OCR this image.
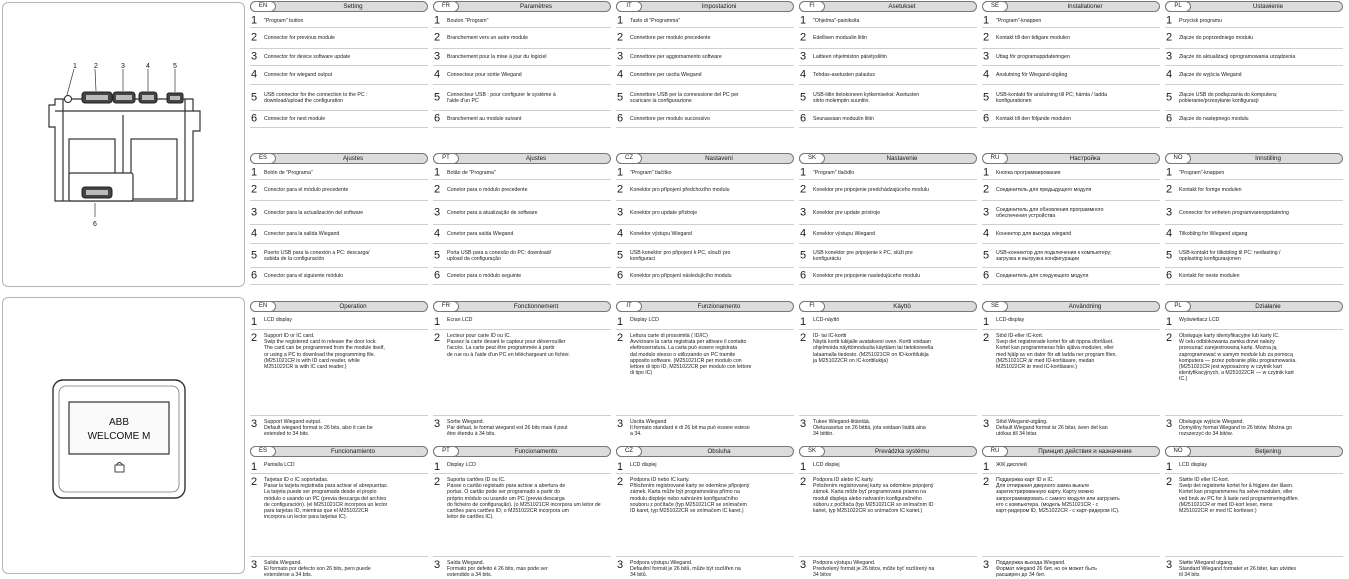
1 2	3	4	5
6
ABB
WELCOME M
EN	Setting
1 "Program" button
2 Connector for previous module
3 Connector for device software update
4 Connector for wiegand output
5 USB connector for the connection to the PC :
download/upload the configuration
6 Connector for next module
FR	Paramètres
1 Bouton "Program"
2 Branchement vers un autre module
3 Branchement pour la mise à jour du logiciel
4 Connecteur pour sortie Wiegand
5 Connecteur USB : pour configurer le système à
l'aide d'un PC
6 Branchement au module suivant
IT	Impostazioni
1 Tasto di "Programma"
2 Connettore per modulo precedente
3 Connettore per aggiornamento software
4 Connettore per uscita Wiegand
5 Connettore USB per la connessione del PC per
scaricare la configurazione
6 Connettore per modulo successivo
FI	Asetukset
1 "Ohjelma"-painiksita
2 Edellisen moduulin liitin
3 Laitteen ohjelmiston päivitysliitin
4 Tehdas-asetusten palautus
5 USB-liitin tietokoneen kytkemiseksi: Asetusten
siirto molempiin suuntiin.
6 Seuraavaan moduulin liitin
SE	Installationer
1 "Program"-knappen
2 Kontakt till den tidigare modulen
3 Uttag för programuppdateringen
4 Anslutning för Wiegand-utgång
5 USB-kontakt för anslutning till PC; hämta / ladda
konfigurationen
6 Kontakt till den följande modulen
PL	Ustawienie
1 Przycisk programu
2 Złącze do poprzedniego modułu
3 Złącze do aktualizacji oprogramowania urządzenia
4 Złącze do wyjścia Wiegand
5 Złącze USB do podłączania do komputera;
pobieranie/przesyłanie konfiguracji
6 Złącze do następnego modułu
ES	Ajustes
1 Botón de "Programa"
2 Conector para el módulo precedente
3 Conector para la actualización del software
4 Conector para la salida Wiegand
5 Puerto USB para la conexión a PC: descarga/
subida de la configuración
6 Conector para el siguiente módulo
PT	Ajustes
1 Botão de "Programa"
2 Conetor para o módulo precedente
3 Conetor para a atualização de software
4 Conetor para saída Wiegand
5 Porta USB para a conexão do PC: download/
upload da configuração
6 Conetor para o módulo seguinte
CZ	Nastavení
1 "Program" tlačítko
2 Konektor pro připojení předchozího modulu
3 Konektor pro update přístroje
4 Konektor výstupu Wiegand
5 USB konektor pro připojení k PC, slouží pro
konfiguraci
6 Konektor pro připojení následujícího modulu
SK	Nastavenie
1 "Program" tlačidlo
2 Konektor pre pripojenie predchádzajúceho modulu
3 Konektor pre update prístroje
4 Konektor výstupu Wiegand
5 USB konektor pre pripojenie k PC, slúži pre
konfiguráciu
6 Konektor pre pripojenie nasledujúceho modulu
RU	Настройка
1 Кнопка программирования
2 Соединитель для предыдущего модуля
3 Соединитель для обновления программного
обеспечения устройства
4 Коннектор для выхода wiegand
5 USB-коннектор для подключения к компьютеру;
загрузка и выгрузка конфигурации
6 Соединитель для следующего модуля
NO	Innstilling
1 "Program"-knappen
2 Kontakt for forrige modulen
3 Connector for enheten programvareoppdatering
4 Tilkobling for Wiegand utgang
5 USB-kontakt for tilkobling til PC: nedlasting /
opplasting konfigurasjonen
6 Kontakt for neste modulen
EN	Operation
1 LCD display
2 Support ID or IC card.
Swip the registered card to release the door lock.
The card can be programmed from the module itself,
or using a PC to download the programming file.
(M251021CR is with ID card reader, while
M251022CR is with IC card reader.)
3 Support Wiegand output.
Default wiegand format is 26 bits, also it can be
extended to 34 bits.
FR	Fonctionnement
1 Ecran LCD
2 Lecteur pour carte ID ou IC.
Passez la carte devant le capteur pour déverrouiller
l'accès. La carte peut être programmée à partir
de rue ou à l'aide d'un PC en téléchargeant un fichier.
3 Sortie Wiegand.
Par défaut, le format wiegand est 26 bits mais il peut
être étendu à 34 bits.
IT	Funzionamento
1 Display LCD
2 Lettura carte di prossimità ( ID/IC)
Avvicinare la carta registrata per attivare il contatto
elettroserratura. La carta può essere registrata
dal modulo stesso o utilizzando un PC tramite
apposito software. (M251021CR per modulo con
lettore di tipo ID, M251022CR per modulo con lettore
di tipo IC)
3 Uscita Wiegand
Il formato standard è di 26 bit ma può essere esteso
a 34.
FI	Käyttö
1 LCD-näyttö
2 ID- tai IC-kortti
Näytä kortti lukijalle avataksesi oven. Kortti voidaan
ohjelmoida näyttömoduulia käyttäen tai tietokoneella
lataamalla tiedosto. (M251021CR on ID-korttilukija
ja M251022CR on IC-korttilukija)
3 Tukee Wiegand-liitäntää.
Oletusasetus on 26 bittiä, jota voidaan lisätä aina
34 bittiin.
SE	Användning
1 LCD-display
2 Stöd ID-eller IC-kort.
Svep det registrerade kortet för att öppna dörrlåset.
Kortet kan programmeras från själva modulen, eller
med hjälp av en dator för att ladda ner program filen.
(M251021CR är med ID-kortläsare, medan
M251022CR är med IC-kortläsare.)
3 Stöd Wiegand-utgång.
Default Wiegand format är 26 bitar, även det kan
utökas till 34 bitar.
PL	Działanie
1 Wyświetlacz LCD
2 Obsługuje karty identyfikacyjne lub karty IC.
W celu odblokowania zamka drzwi należy
przesunąć zarejestrowaną kartę. Można ją
zaprogramować w samym module lub za pomocą
komputera — przez pobranie pliku programowania.
(M251021CR jest wyposażony w czytnik kart
identyfikacyjnych, a M251022CR — w czytnik kart
IC.)
3 Obsługuje wyjście Wiegand.
Domyślny format Wiegand to 26 bitów. Można go
rozszerzyć do 34 bitów.
ES	Funcionamiento
1 Pantalla LCD
2 Tarjetas ID o IC soportadas.
Pasar la tarjeta registrada para activar el abrepuertas.
La tarjeta puede ser programada desde el propio
módulo o usando un PC (previa descarga del archivo
de configuración). (el M251021CR incorpora un lector
para tarjetas ID, mientras que el M251022CR
incorpora un lector para tarjetas IC).
3 Salida Wiegand.
El formato por defecto son 26 bits, pero puede
extenderse a 34 bits.
PT	Funcionamento
1 Display LCD
2 Suporta cartões ID ou IC.
Passe o cartão registado para activar a abertura de
portas. O cartão pode ser programado a partir do
próprio módulo ou usando um PC (previa descarga
do ficheiro de configuração). (o M251021CR incorpora um leitor de
cartões para cartões ID; o M251022CR incorpora um
leitor de cartões IC).
3 Saída Wiegand.
Formato por defeito é 26 bits, mas pode ser
estendido a 34 bits.
CZ	Obsluha
1 LCD displej
2 Podpora ID nebo IC karty.
Přiložením registrované karty se odemkne připojený
zámek. Karta může být programována přímo na
modulu displeje nebo nahráním konfiguračního
souboru z počítače (typ M251021CR se snímačem
ID karet, typ M251022CR se snímačem IC karet.)
3 Podpora výstupu Wiegand.
Defaultní formát je 26 bitů, může být rozšířen na
34 bitů.
SK	Prevádzka systému
1 LCD displej
2 Podpora ID alebo IC karty.
Priložením registrovanej karty sa odomkne pripojený
zámok. Karta môže byť programovaná priamo na
moduli displeja alebo nahraním konfiguračného
súboru z počítača (typ M251021CR so snímačom ID
kariet, typ M251022CR so snímačom IC kariet.)
3 Podpora výstupu Wiegand.
Predvolený formát je 26 bitov, môže byť rozšírený na
34 bitov
RU	Принцип действия и назначение
1 Ж/К дисплей
2 Поддержка карт ID и IC.
Для отпирания дверного замка выньте
зарегистрированную карту. Карту можно
запрограммировать с самого модуля или загрузить
его с компьютера. (модель M251021CR - с
карт-ридером ID, M251022CR - с карт-ридером IC).
3 Поддержка выхода Wiegand.
Формат wiegand 26 бит, но он может быть
расширен до 34 бит.
NO	Betjening
1 LCD display
2 Støtte ID eller IC-kort.
Sveip det registrerte kortet for å frigjøre der låsen.
Kortet kan programmeres fra selve modulen, eller
ved bruk av PC for å laste ned programmeringsfilen.
(M251021CR er med ID-kort leser, mens
M251022CR er med IC kortleser.)
3 Støtte Wiegand utgang.
Standard Wiegand formatet er 26 biter, kan utvides
til 34 bits
